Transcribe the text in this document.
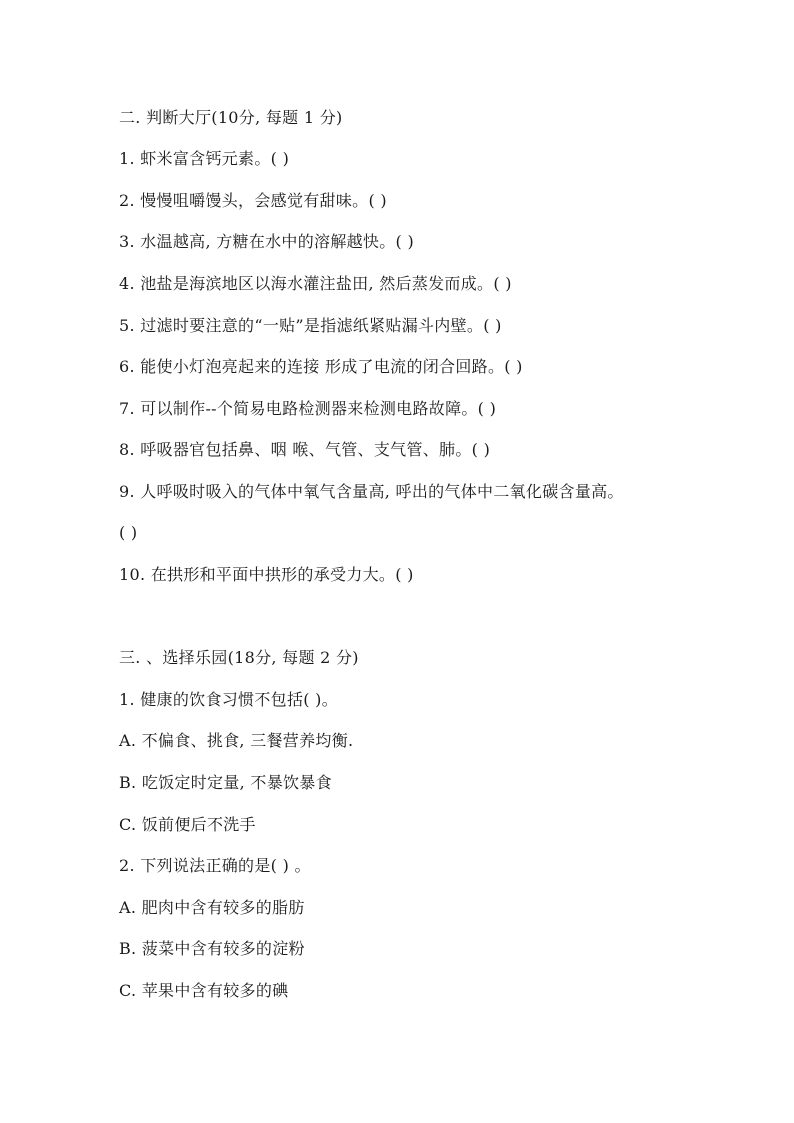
二. 判断大厅(10分, 每题 1 分)
1. 虾米富含钙元素。( )
2. 慢慢咀嚼馒头，会感觉有甜味。( )
3. 水温越高, 方糖在水中的溶解越快。( )
4. 池盐是海滨地区以海水灌注盐田, 然后蒸发而成。( )
5. 过滤时要注意的“一贴”是指滤纸紧贴漏斗内壁。( )
6. 能使小灯泡亮起来的连接 形成了电流的闭合回路。( )
7. 可以制作--个简易电路检测器来检测电路故障。( )
8. 呼吸器官包括鼻、咽 喉、气管、支气管、肺。( )
9. 人呼吸时吸入的气体中氧气含量高, 呼出的气体中二氧化碳含量高。
( )
10. 在拱形和平面中拱形的承受力大。( )
三. 、选择乐园(18分, 每题 2 分)
1. 健康的饮食习惯不包括( )。
A. 不偏食、挑食, 三餐营养均衡.
B. 吃饭定时定量, 不暴饮暴食
C. 饭前便后不洗手
2. 下列说法正确的是( ) 。
A. 肥肉中含有较多的脂肪
B. 菠菜中含有较多的淀粉
C. 苹果中含有较多的碘
